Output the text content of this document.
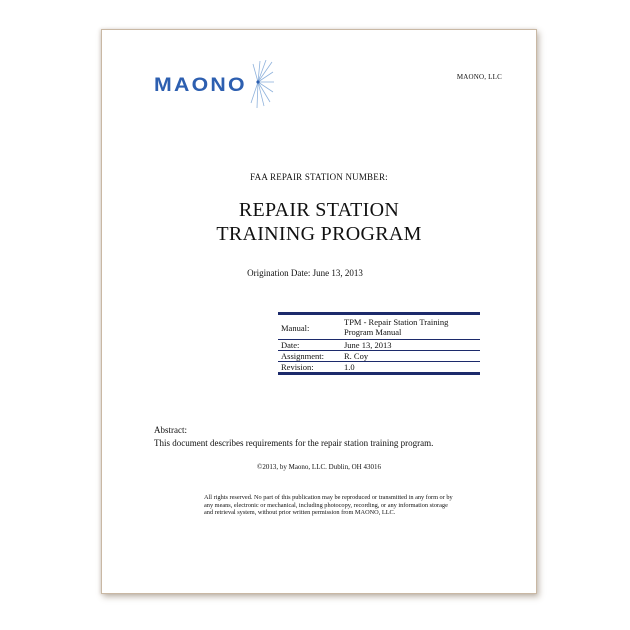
MAONO	MAONO, LLC
FAA REPAIR STATION NUMBER:
REPAIR STATION
TRAINING PROGRAM
Origination Date: June 13, 2013
Manual:	TPM - Repair Station Training Program Manual
Date:	June 13, 2013
Assignment:	R. Coy
Revision:	1.0
Abstract:
This document describes requirements for the repair station training program.
©2013, by Maono, LLC. Dublin, OH 43016
All rights reserved. No part of this publication may be reproduced or transmitted in any form or by any means, electronic or mechanical, including photocopy, recording, or any information storage and retrieval system, without prior written permission from MAONO, LLC.
